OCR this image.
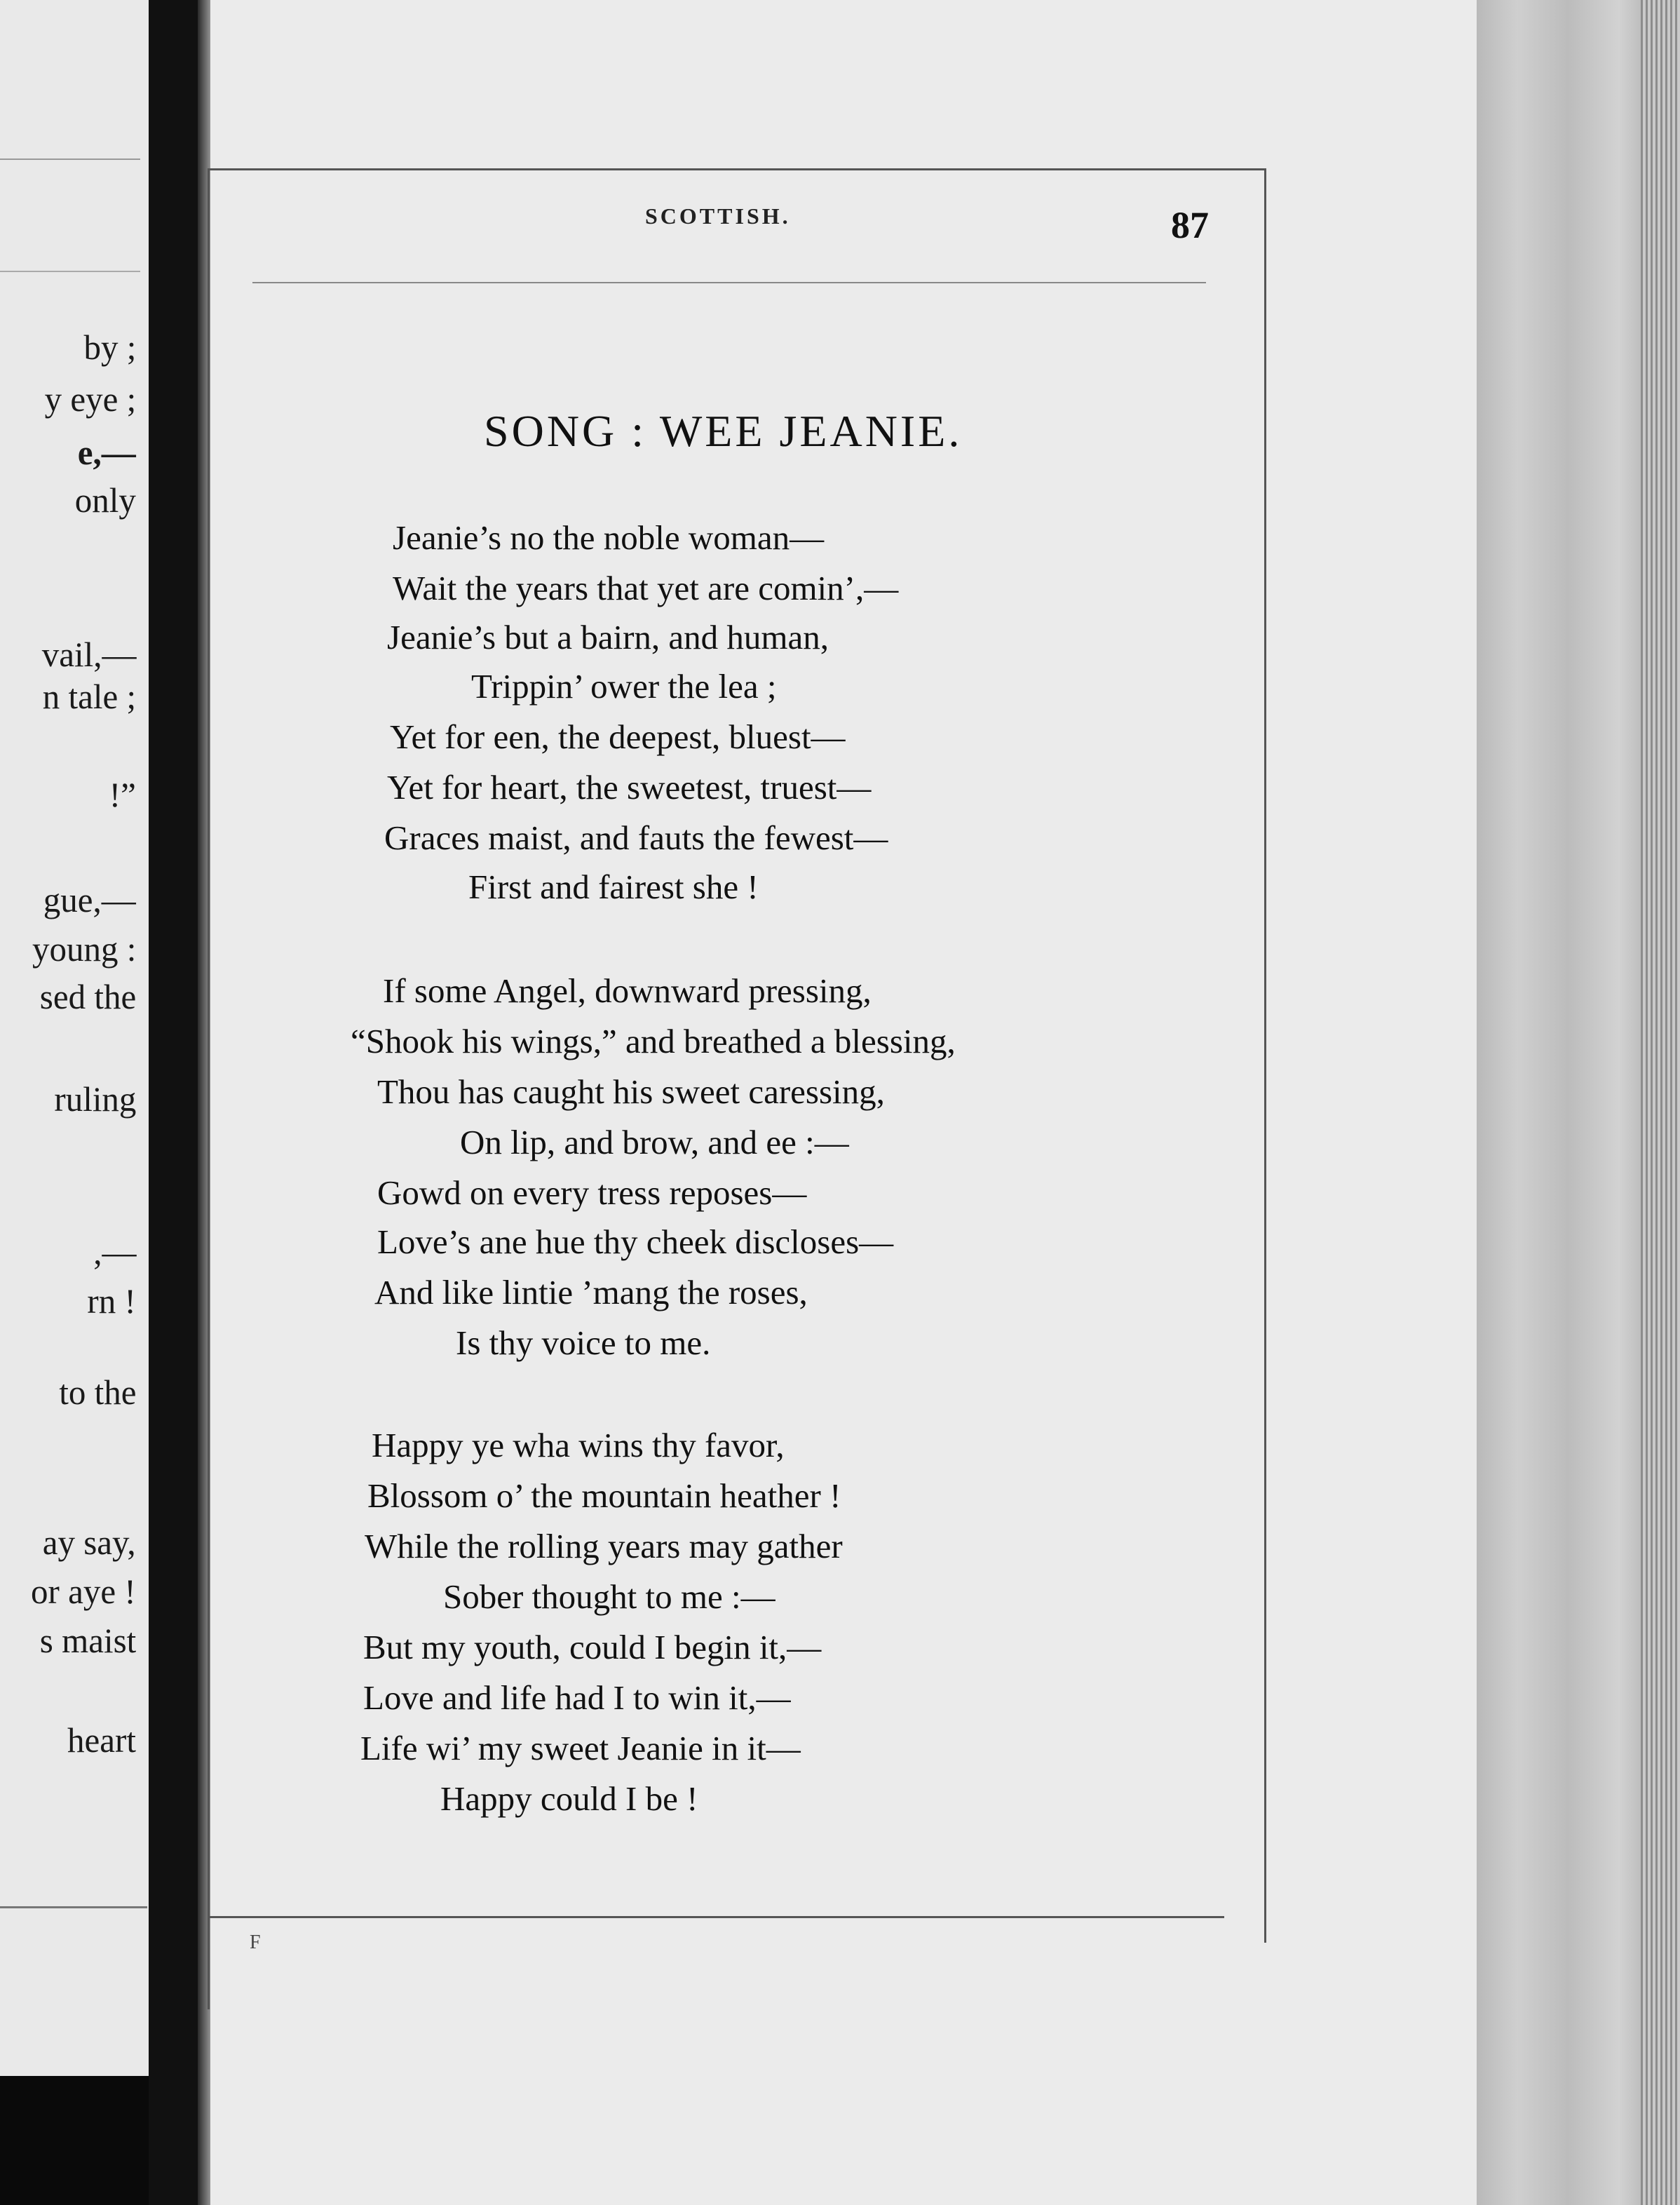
by ;
y eye ;
e,—
only
vail,—
n tale ;
!”
gue,—
young :
sed the
ruling
,—
rn !
to the
ay say,
or aye !
s maist
heart
SCOTTISH.	87
SONG : WEE JEANIE.
Jeanie’s no the noble woman—
Wait the years that yet are comin’,—
Jeanie’s but a bairn, and human,
Trippin’ ower the lea ;
Yet for een, the deepest, bluest—
Yet for heart, the sweetest, truest—
Graces maist, and fauts the fewest—
First and fairest she !
If some Angel, downward pressing,
“Shook his wings,” and breathed a blessing,
Thou has caught his sweet caressing,
On lip, and brow, and ee :—
Gowd on every tress reposes—
Love’s ane hue thy cheek discloses—
And like lintie ’mang the roses,
Is thy voice to me.
Happy ye wha wins thy favor,
Blossom o’ the mountain heather !
While the rolling years may gather
Sober thought to me :—
But my youth, could I begin it,—
Love and life had I to win it,—
Life wi’ my sweet Jeanie in it—
Happy could I be !
F
